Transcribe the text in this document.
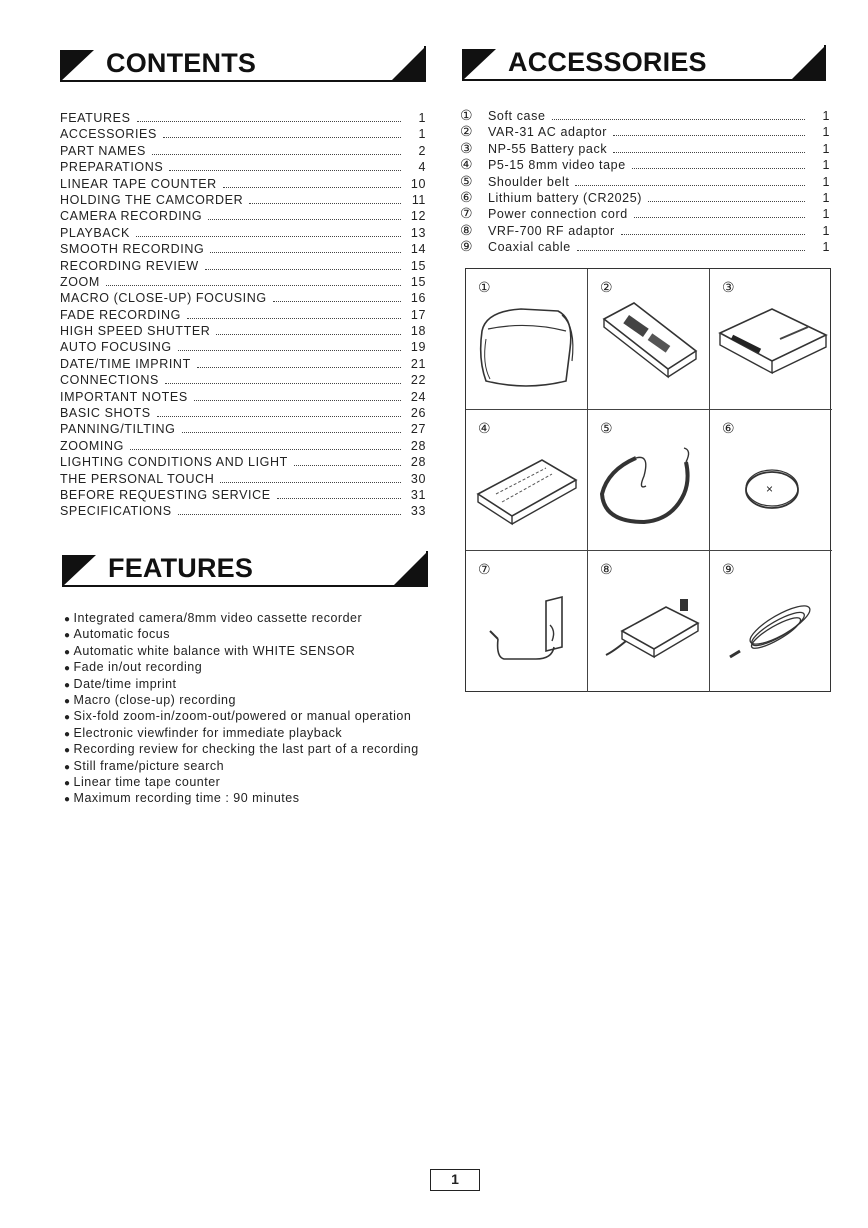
CONTENTS	ACCESSORIES
FEATURES	1
ACCESSORIES	1
PART NAMES	2
PREPARATIONS	4
LINEAR TAPE COUNTER	10
HOLDING THE CAMCORDER	11
CAMERA RECORDING	12
PLAYBACK	13
SMOOTH RECORDING	14
RECORDING REVIEW	15
ZOOM	15
MACRO (CLOSE-UP) FOCUSING	16
FADE RECORDING	17
HIGH SPEED SHUTTER	18
AUTO FOCUSING	19
DATE/TIME IMPRINT	21
CONNECTIONS	22
IMPORTANT NOTES	24
BASIC SHOTS	26
PANNING/TILTING	27
ZOOMING	28
LIGHTING CONDITIONS AND LIGHT	28
THE PERSONAL TOUCH	30
BEFORE REQUESTING SERVICE	31
SPECIFICATIONS	33
①	Soft case	1
②	VAR-31 AC adaptor	1
③	NP-55 Battery pack	1
④	P5-15 8mm video tape	1
⑤	Shoulder belt	1
⑥	Lithium battery (CR2025)	1
⑦	Power connection cord	1
⑧	VRF-700 RF adaptor	1
⑨	Coaxial cable	1
①	②	③
④	⑤	⑥
×
⑦	⑧	⑨
FEATURES
● Integrated camera/8mm video cassette recorder
● Automatic focus
● Automatic white balance with WHITE SENSOR
● Fade in/out recording
● Date/time imprint
● Macro (close-up) recording
● Six-fold zoom-in/zoom-out/powered or manual operation
● Electronic viewfinder for immediate playback
● Recording review for checking the last part of a recording
● Still frame/picture search
● Linear time tape counter
● Maximum recording time : 90 minutes
1
